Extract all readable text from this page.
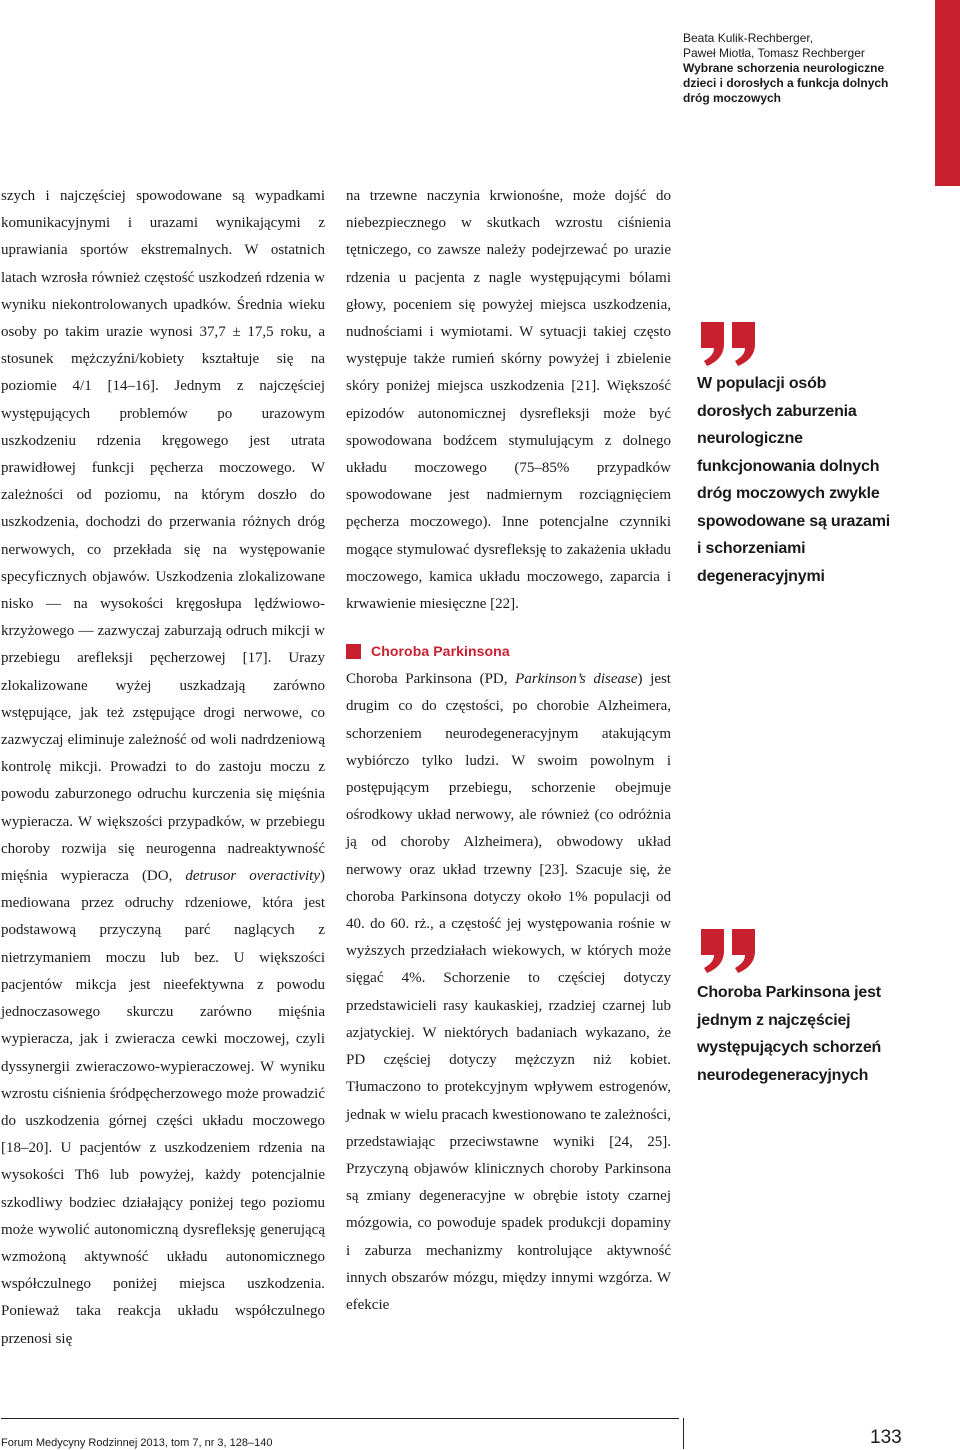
Beata Kulik-Rechberger,
Paweł Miotła, Tomasz Rechberger
Wybrane schorzenia neurologiczne
dzieci i dorosłych a funkcja dolnych
dróg moczowych

szych i najczęściej spowodowane są wypadkami komunikacyjnymi i urazami wynikającymi z uprawiania sportów ekstremalnych. W ostatnich latach wzrosła również częstość uszkodzeń rdzenia w wyniku niekontrolowanych upadków. Średnia wieku osoby po takim urazie wynosi 37,7 ± 17,5 roku, a stosunek mężczyźni/kobiety kształtuje się na poziomie 4/1 [14–16]. Jednym z najczęściej występujących problemów po urazowym uszkodzeniu rdzenia kręgowego jest utrata prawidłowej funkcji pęcherza moczowego. W zależności od poziomu, na którym doszło do uszkodzenia, dochodzi do przerwania różnych dróg nerwowych, co przekłada się na występowanie specyficznych objawów. Uszkodzenia zlokalizowane nisko — na wysokości kręgosłupa lędźwiowo-krzyżowego — zazwyczaj zaburzają odruch mikcji w przebiegu arefleksji pęcherzowej [17]. Urazy zlokalizowane wyżej uszkadzają zarówno wstępujące, jak też zstępujące drogi nerwowe, co zazwyczaj eliminuje zależność od woli nadrdzeniową kontrolę mikcji. Prowadzi to do zastoju moczu z powodu zaburzonego odruchu kurczenia się mięśnia wypieracza. W większości przypadków, w przebiegu choroby rozwija się neurogenna nadreaktywność mięśnia wypieracza (DO, detrusor overactivity) mediowana przez odruchy rdzeniowe, która jest podstawową przyczyną parć naglących z nietrzymaniem moczu lub bez. U większości pacjentów mikcja jest nieefektywna z powodu jednoczasowego skurczu zarówno mięśnia wypieracza, jak i zwieracza cewki moczowej, czyli dyssynergii zwieraczowo-wypieraczowej. W wyniku wzrostu ciśnienia śródpęcherzowego może prowadzić do uszkodzenia górnej części układu moczowego [18–20]. U pacjentów z uszkodzeniem rdzenia na wysokości Th6 lub powyżej, każdy potencjalnie szkodliwy bodziec działający poniżej tego poziomu może wywolić autonomiczną dysrefleksję generującą wzmożoną aktywność układu autonomicznego współczulnego poniżej miejsca uszkodzenia. Ponieważ taka reakcja układu współczulnego przenosi się

na trzewne naczynia krwionośne, może dojść do niebezpiecznego w skutkach wzrostu ciśnienia tętniczego, co zawsze należy podejrzewać po urazie rdzenia u pacjenta z nagle występującymi bólami głowy, poceniem się powyżej miejsca uszkodzenia, nudnościami i wymiotami. W sytuacji takiej często występuje także rumień skórny powyżej i zbielenie skóry poniżej miejsca uszkodzenia [21]. Większość epizodów autonomicznej dysrefleksji może być spowodowana bodźcem stymulującym z dolnego układu moczowego (75–85% przypadków spowodowane jest nadmiernym rozciągnięciem pęcherza moczowego). Inne potencjalne czynniki mogące stymulować dysrefleksję to zakażenia układu moczowego, kamica układu moczowego, zaparcia i krwawienie miesięczne [22].

Choroba Parkinsona

Choroba Parkinsona (PD, Parkinson’s disease) jest drugim co do częstości, po chorobie Alzheimera, schorzeniem neurodegeneracyjnym atakującym wybiórczo tylko ludzi. W swoim powolnym i postępującym przebiegu, schorzenie obejmuje ośrodkowy układ nerwowy, ale również (co odróżnia ją od choroby Alzheimera), obwodowy układ nerwowy oraz układ trzewny [23]. Szacuje się, że choroba Parkinsona dotyczy około 1% populacji od 40. do 60. rż., a częstość jej występowania rośnie w wyższych przedziałach wiekowych, w których może sięgać 4%. Schorzenie to częściej dotyczy przedstawicieli rasy kaukaskiej, rzadziej czarnej lub azjatyckiej. W niektórych badaniach wykazano, że PD częściej dotyczy mężczyzn niż kobiet. Tłumaczono to protekcyjnym wpływem estrogenów, jednak w wielu pracach kwestionowano te zależności, przedstawiając przeciwstawne wyniki [24, 25]. Przyczyną objawów klinicznych choroby Parkinsona są zmiany degeneracyjne w obrębie istoty czarnej mózgowia, co powoduje spadek produkcji dopaminy i zaburza mechanizmy kontrolujące aktywność innych obszarów mózgu, między innymi wzgórza. W efekcie

W populacji osób dorosłych zaburzenia neurologiczne funkcjonowania dolnych dróg moczowych zwykle spowodowane są urazami i schorzeniami degeneracyjnymi
Choroba Parkinsona jest jednym z najczęściej występujących schorzeń neurodegeneracyjnych
Forum Medycyny Rodzinnej 2013, tom 7, nr 3, 128–140	133
